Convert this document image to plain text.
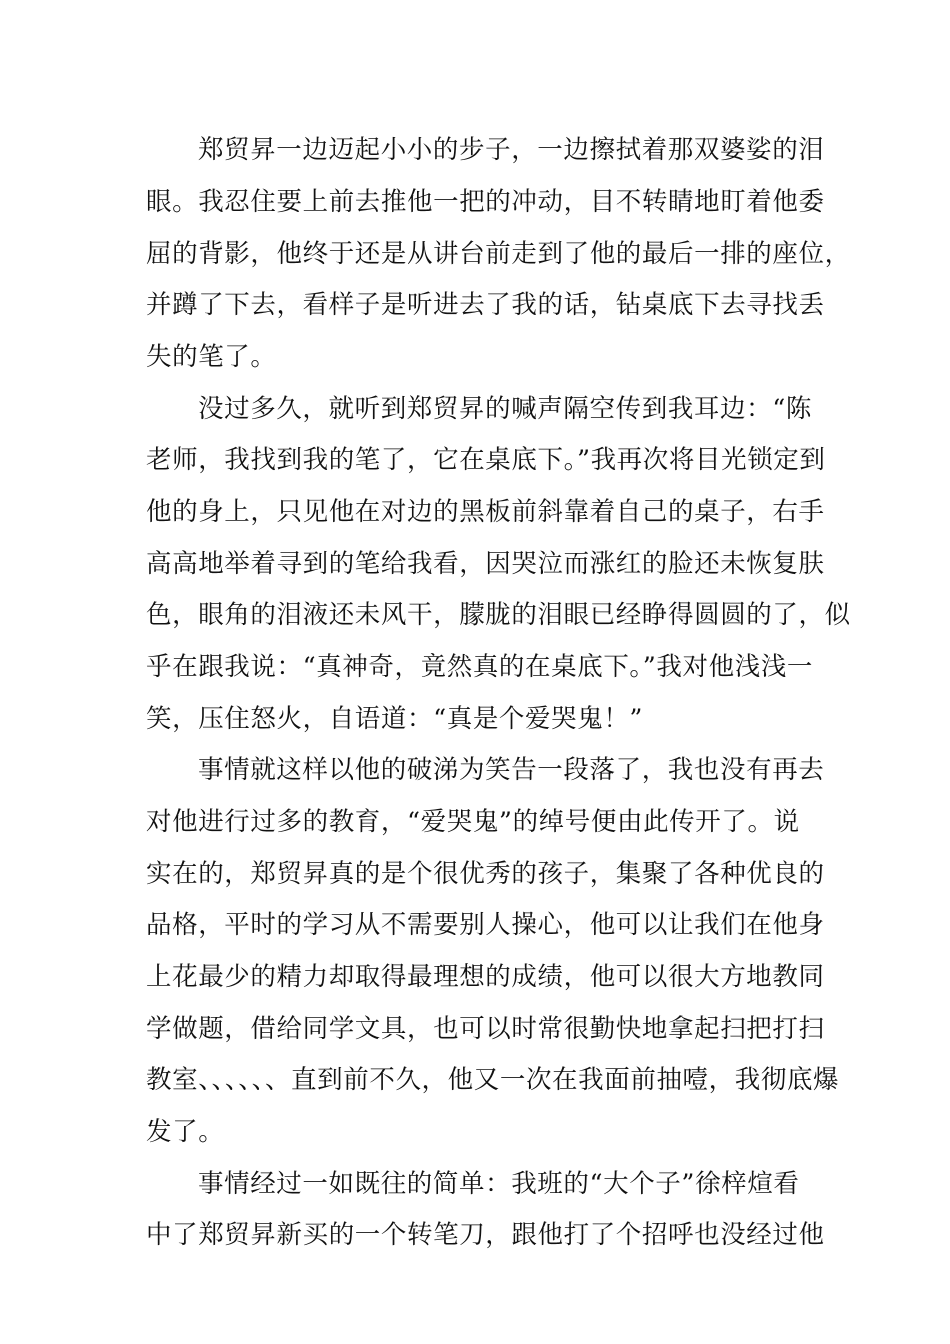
郑贸昇一边迈起小小的步子，一边擦拭着那双婆娑的泪
眼。我忍住要上前去推他一把的冲动，目不转睛地盯着他委
屈的背影，他终于还是从讲台前走到了他的最后一排的座位，
并蹲了下去，看样子是听进去了我的话，钻桌底下去寻找丢
失的笔了。
没过多久，就听到郑贸昇的喊声隔空传到我耳边：“陈
老师，我找到我的笔了，它在桌底下。”我再次将目光锁定到
他的身上，只见他在对边的黑板前斜靠着自己的桌子，右手
高高地举着寻到的笔给我看，因哭泣而涨红的脸还未恢复肤
色，眼角的泪液还未风干，朦胧的泪眼已经睁得圆圆的了，似
乎在跟我说：“真神奇，竟然真的在桌底下。”我对他浅浅一
笑，压住怒火，自语道：“真是个爱哭鬼！”
事情就这样以他的破涕为笑告一段落了，我也没有再去
对他进行过多的教育，“爱哭鬼”的绰号便由此传开了。说
实在的，郑贸昇真的是个很优秀的孩子，集聚了各种优良的
品格，平时的学习从不需要别人操心，他可以让我们在他身
上花最少的精力却取得最理想的成绩，他可以很大方地教同
学做题，借给同学文具，也可以时常很勤快地拿起扫把打扫
教室、、、、、、直到前不久，他又一次在我面前抽噎，我彻底爆
发了。
事情经过一如既往的简单：我班的“大个子”徐梓煊看
中了郑贸昇新买的一个转笔刀，跟他打了个招呼也没经过他
